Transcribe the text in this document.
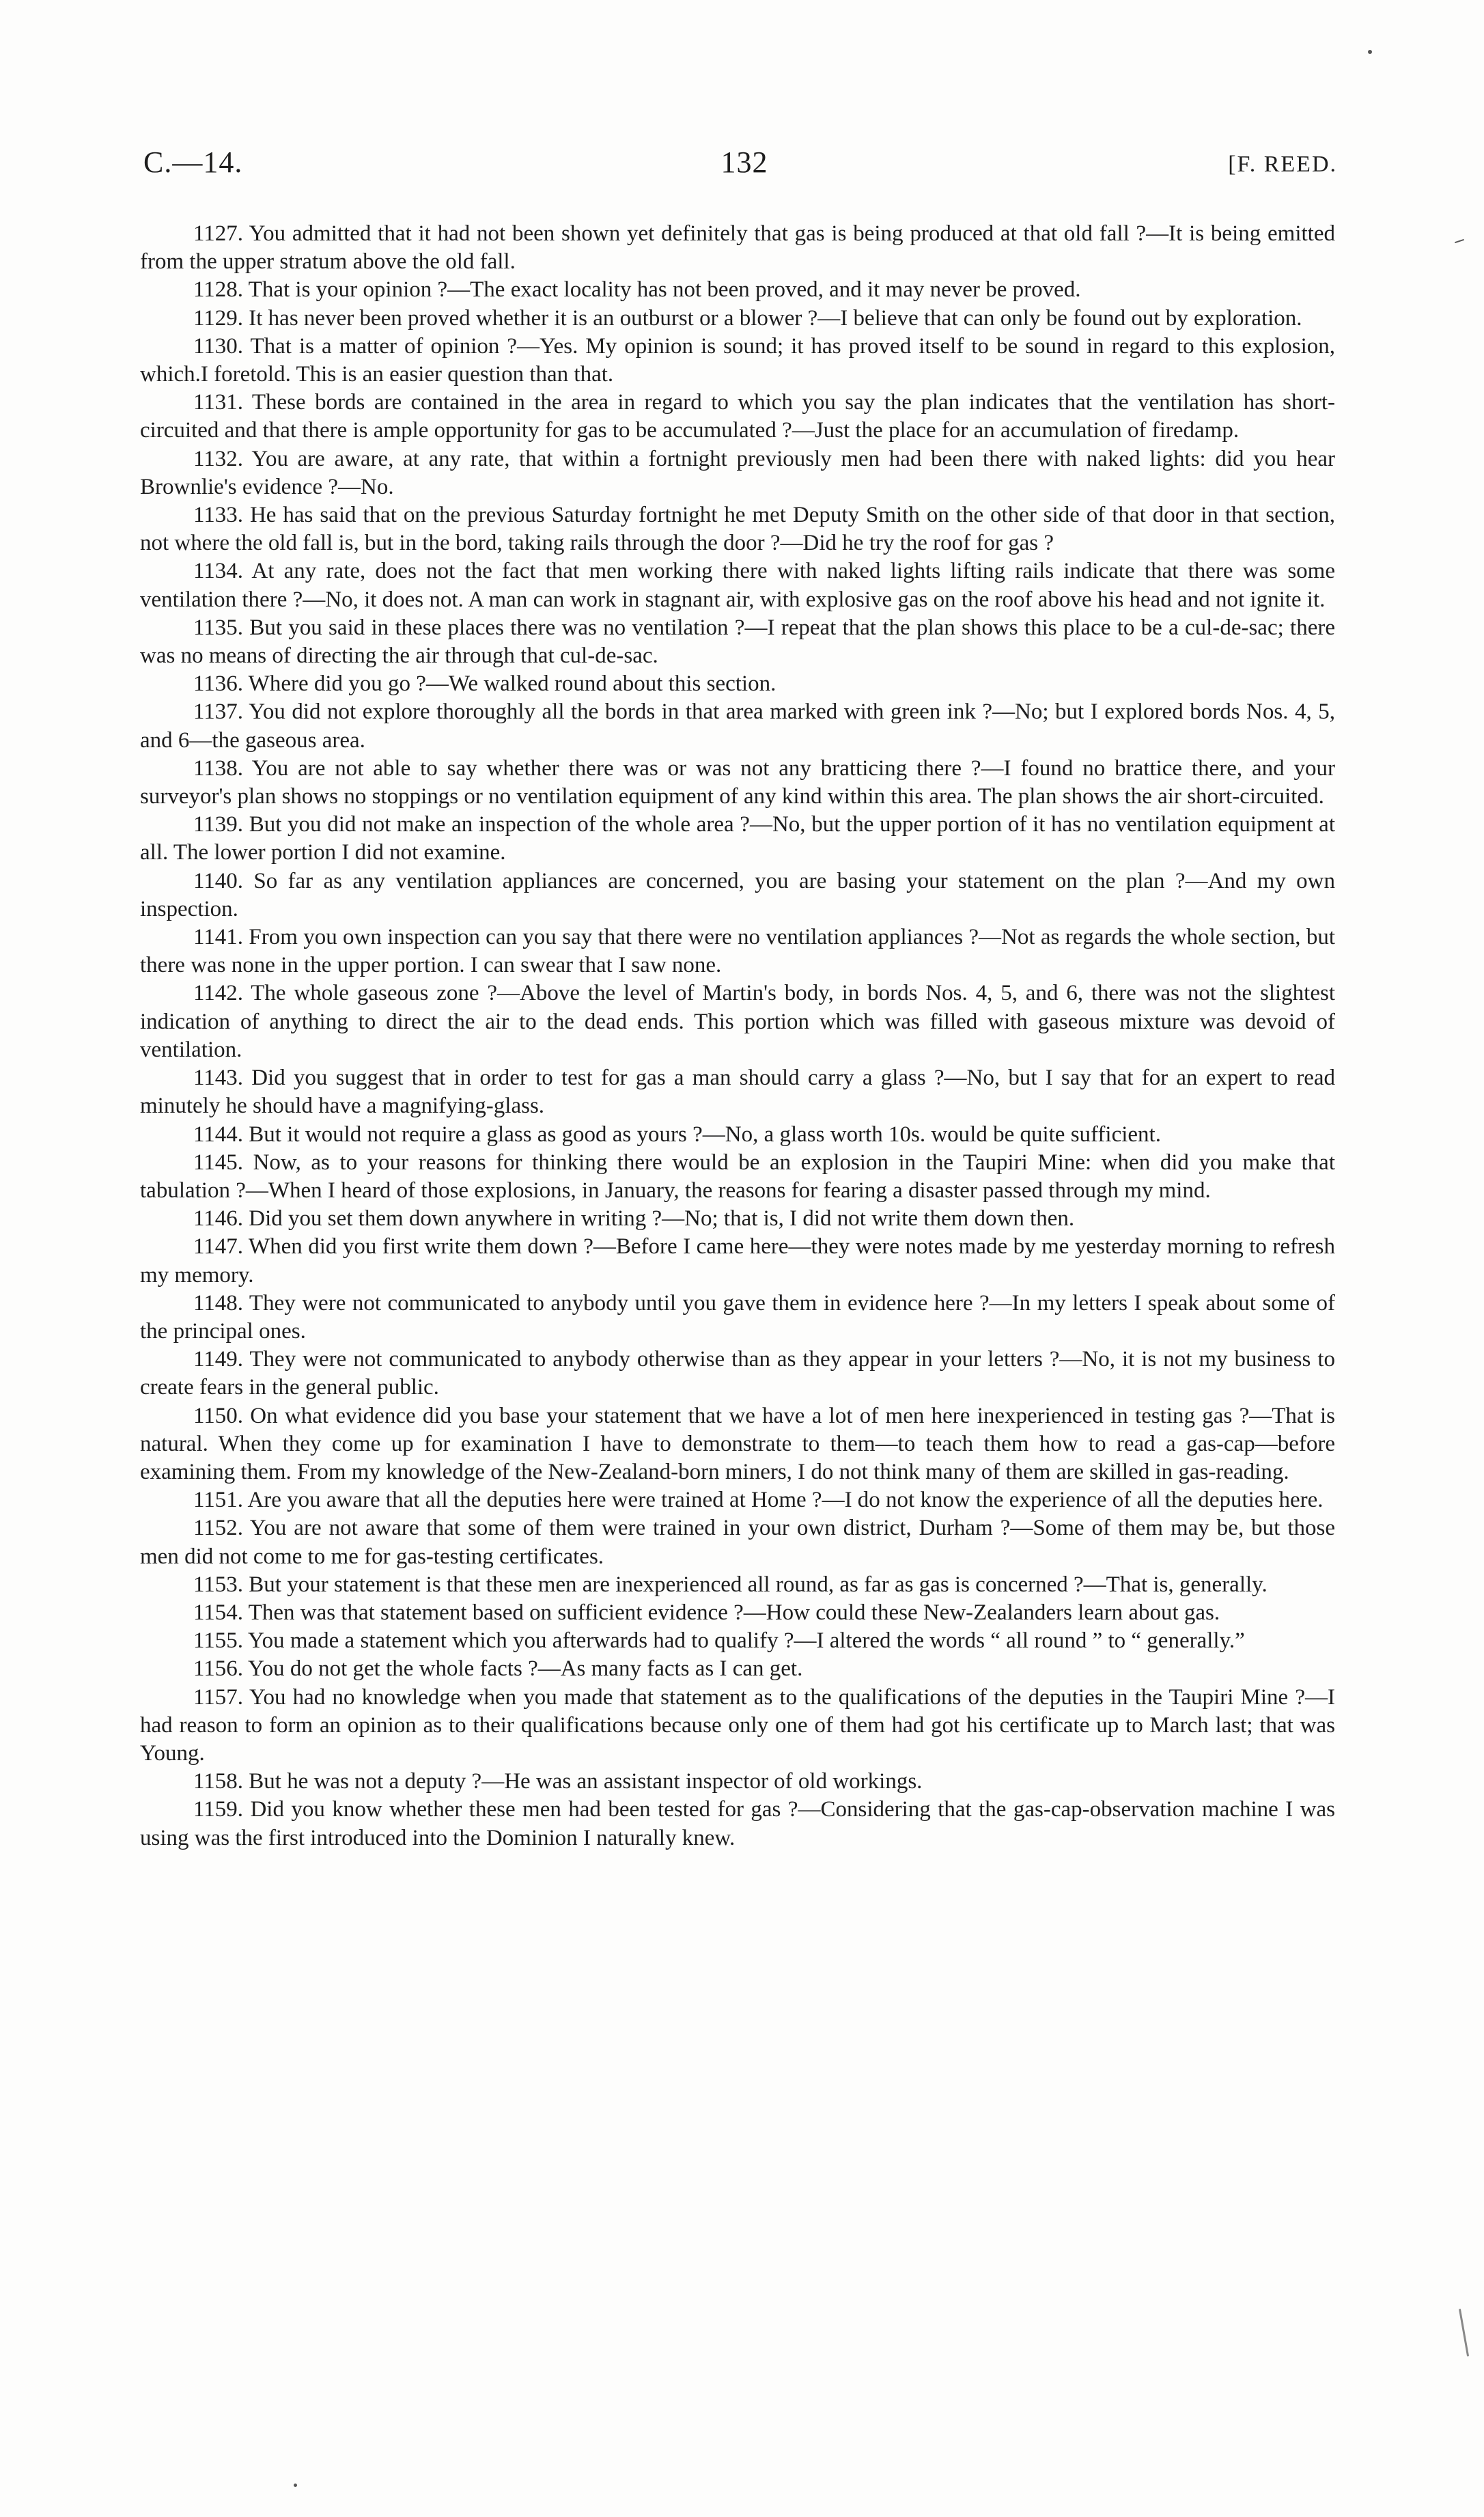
C.—14.	132	[F. REED.

1127. You admitted that it had not been shown yet definitely that gas is being produced at that old fall ?—It is being emitted from the upper stratum above the old fall.

1128. That is your opinion ?—The exact locality has not been proved, and it may never be proved.

1129. It has never been proved whether it is an outburst or a blower ?—I believe that can only be found out by exploration.

1130. That is a matter of opinion ?—Yes. My opinion is sound; it has proved itself to be sound in regard to this explosion, which.I foretold. This is an easier question than that.

1131. These bords are contained in the area in regard to which you say the plan indicates that the ventilation has short-circuited and that there is ample opportunity for gas to be accumulated ?—Just the place for an accumulation of firedamp.

1132. You are aware, at any rate, that within a fortnight previously men had been there with naked lights: did you hear Brownlie's evidence ?—No.

1133. He has said that on the previous Saturday fortnight he met Deputy Smith on the other side of that door in that section, not where the old fall is, but in the bord, taking rails through the door ?—Did he try the roof for gas ?

1134. At any rate, does not the fact that men working there with naked lights lifting rails indicate that there was some ventilation there ?—No, it does not. A man can work in stagnant air, with explosive gas on the roof above his head and not ignite it.

1135. But you said in these places there was no ventilation ?—I repeat that the plan shows this place to be a cul-de-sac; there was no means of directing the air through that cul-de-sac.

1136. Where did you go ?—We walked round about this section.

1137. You did not explore thoroughly all the bords in that area marked with green ink ?—No; but I explored bords Nos. 4, 5, and 6—the gaseous area.

1138. You are not able to say whether there was or was not any bratticing there ?—I found no brattice there, and your surveyor's plan shows no stoppings or no ventilation equipment of any kind within this area. The plan shows the air short-circuited.

1139. But you did not make an inspection of the whole area ?—No, but the upper portion of it has no ventilation equipment at all. The lower portion I did not examine.

1140. So far as any ventilation appliances are concerned, you are basing your statement on the plan ?—And my own inspection.

1141. From you own inspection can you say that there were no ventilation appliances ?—Not as regards the whole section, but there was none in the upper portion. I can swear that I saw none.

1142. The whole gaseous zone ?—Above the level of Martin's body, in bords Nos. 4, 5, and 6, there was not the slightest indication of anything to direct the air to the dead ends. This portion which was filled with gaseous mixture was devoid of ventilation.

1143. Did you suggest that in order to test for gas a man should carry a glass ?—No, but I say that for an expert to read minutely he should have a magnifying-glass.

1144. But it would not require a glass as good as yours ?—No, a glass worth 10s. would be quite sufficient.

1145. Now, as to your reasons for thinking there would be an explosion in the Taupiri Mine: when did you make that tabulation ?—When I heard of those explosions, in January, the reasons for fearing a disaster passed through my mind.

1146. Did you set them down anywhere in writing ?—No; that is, I did not write them down then.

1147. When did you first write them down ?—Before I came here—they were notes made by me yesterday morning to refresh my memory.

1148. They were not communicated to anybody until you gave them in evidence here ?—In my letters I speak about some of the principal ones.

1149. They were not communicated to anybody otherwise than as they appear in your letters ?—No, it is not my business to create fears in the general public.

1150. On what evidence did you base your statement that we have a lot of men here inexperienced in testing gas ?—That is natural. When they come up for examination I have to demonstrate to them—to teach them how to read a gas-cap—before examining them. From my knowledge of the New-Zealand-born miners, I do not think many of them are skilled in gas-reading.

1151. Are you aware that all the deputies here were trained at Home ?—I do not know the experience of all the deputies here.

1152. You are not aware that some of them were trained in your own district, Durham ?—Some of them may be, but those men did not come to me for gas-testing certificates.

1153. But your statement is that these men are inexperienced all round, as far as gas is concerned ?—That is, generally.

1154. Then was that statement based on sufficient evidence ?—How could these New-Zealanders learn about gas.

1155. You made a statement which you afterwards had to qualify ?—I altered the words “ all round ” to “ generally.”

1156. You do not get the whole facts ?—As many facts as I can get.

1157. You had no knowledge when you made that statement as to the qualifications of the deputies in the Taupiri Mine ?—I had reason to form an opinion as to their qualifications because only one of them had got his certificate up to March last; that was Young.

1158. But he was not a deputy ?—He was an assistant inspector of old workings.

1159. Did you know whether these men had been tested for gas ?—Considering that the gas-cap-observation machine I was using was the first introduced into the Dominion I naturally knew.
